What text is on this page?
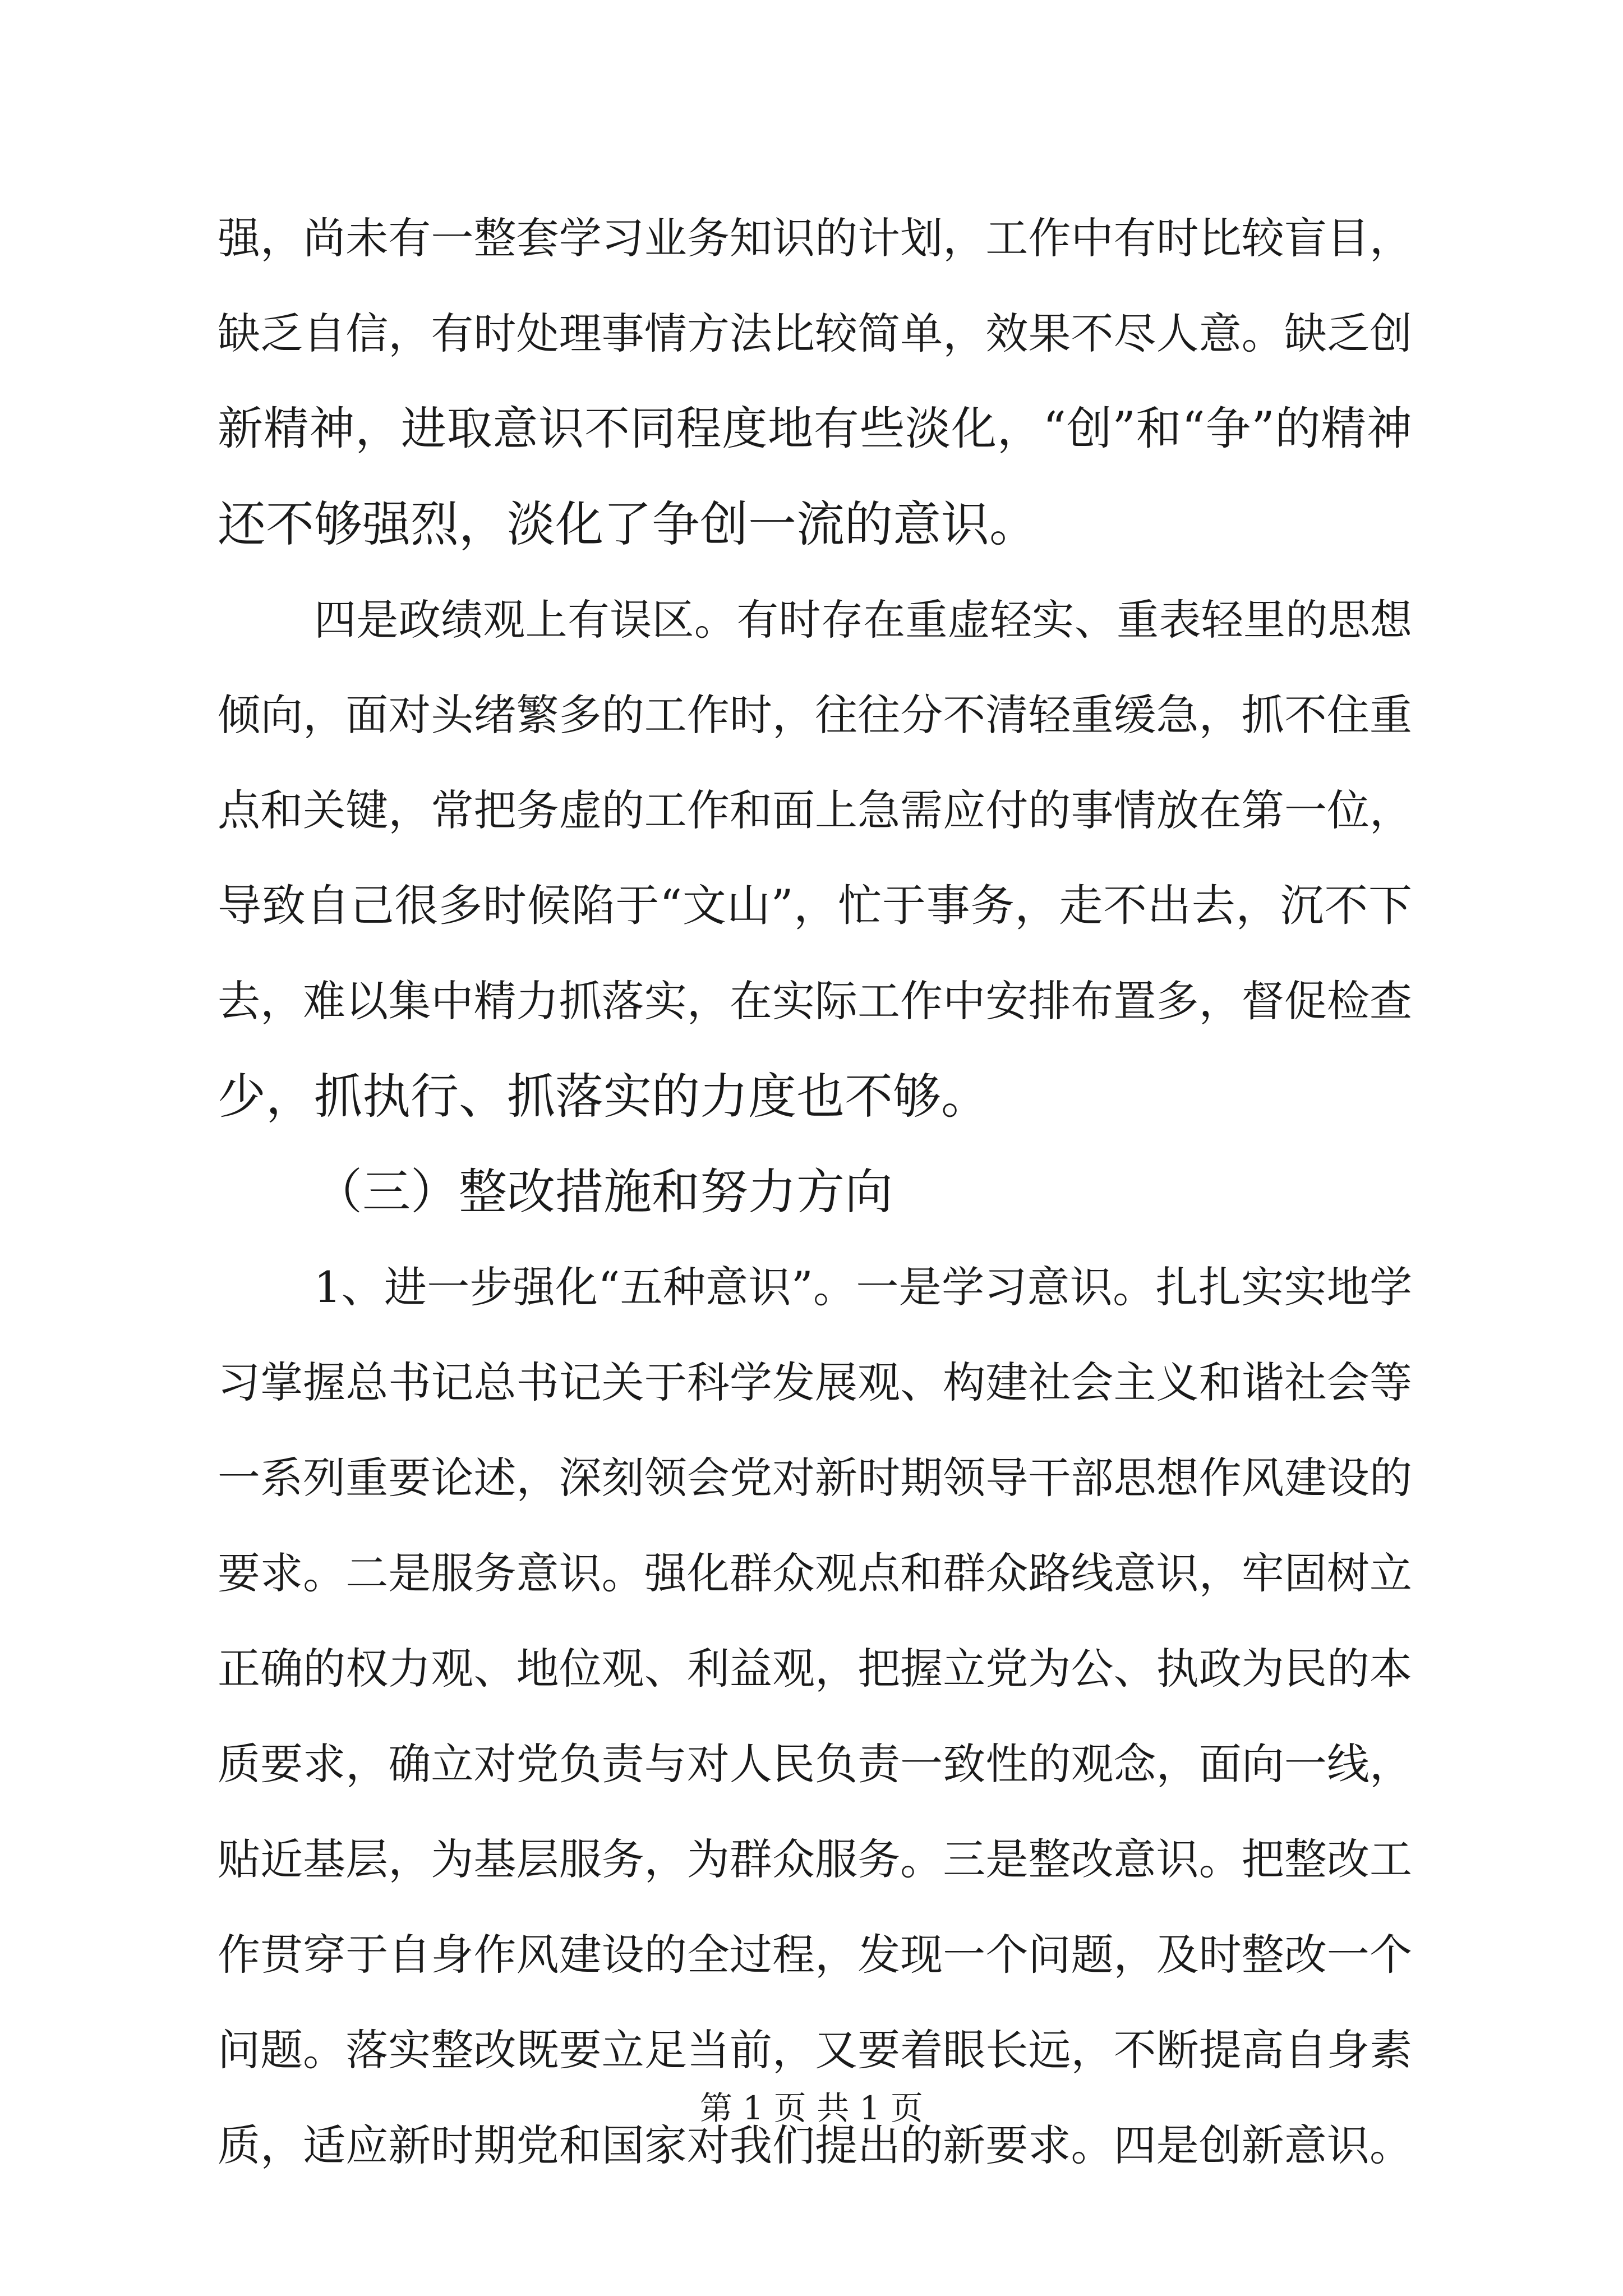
强，尚未有一整套学习业务知识的计划，工作中有时比较盲目，
缺乏自信，有时处理事情方法比较简单，效果不尽人意。缺乏创
新精神，进取意识不同程度地有些淡化，“创”和“争”的精神
还不够强烈，淡化了争创一流的意识。
四是政绩观上有误区。有时存在重虚轻实、重表轻里的思想
倾向，面对头绪繁多的工作时，往往分不清轻重缓急，抓不住重
点和关键，常把务虚的工作和面上急需应付的事情放在第一位，
导致自己很多时候陷于“文山”，忙于事务，走不出去，沉不下
去，难以集中精力抓落实，在实际工作中安排布置多，督促检查
少，抓执行、抓落实的力度也不够。
（三）整改措施和努力方向
1、进一步强化“五种意识”。一是学习意识。扎扎实实地学
习掌握总书记总书记关于科学发展观、构建社会主义和谐社会等
一系列重要论述，深刻领会党对新时期领导干部思想作风建设的
要求。二是服务意识。强化群众观点和群众路线意识，牢固树立
正确的权力观、地位观、利益观，把握立党为公、执政为民的本
质要求，确立对党负责与对人民负责一致性的观念，面向一线，
贴近基层，为基层服务，为群众服务。三是整改意识。把整改工
作贯穿于自身作风建设的全过程，发现一个问题，及时整改一个
问题。落实整改既要立足当前，又要着眼长远，不断提高自身素
质，适应新时期党和国家对我们提出的新要求。四是创新意识。
第 1 页 共 1 页
